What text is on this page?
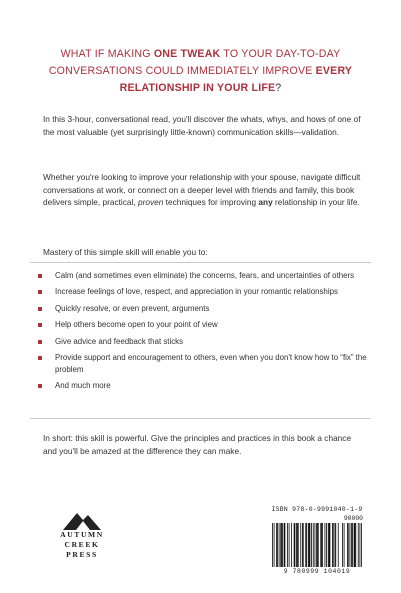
WHAT IF MAKING ONE TWEAK TO YOUR DAY-TO-DAY CONVERSATIONS COULD IMMEDIATELY IMPROVE EVERY RELATIONSHIP IN YOUR LIFE?

In this 3-hour, conversational read, you'll discover the whats, whys, and hows of one of the most valuable (yet surprisingly little-known) communication skills—validation.

Whether you're looking to improve your relationship with your spouse, navigate difficult conversations at work, or connect on a deeper level with friends and family, this book delivers simple, practical, proven techniques for improving any relationship in your life.

Mastery of this simple skill will enable you to:

Calm (and sometimes even eliminate) the concerns, fears, and uncertainties of others
Increase feelings of love, respect, and appreciation in your romantic relationships
Quickly resolve, or even prevent, arguments
Help others become open to your point of view
Give advice and feedback that sticks
Provide support and encouragement to others, even when you don't know how to “fix” the problem
And much more

In short: this skill is powerful. Give the principles and practices in this book a chance and you'll be amazed at the difference they can make.

AUTUMN
CREEK
PRESS
ISBN 978-0-9991040-1-9
90000
9 780999 104019
